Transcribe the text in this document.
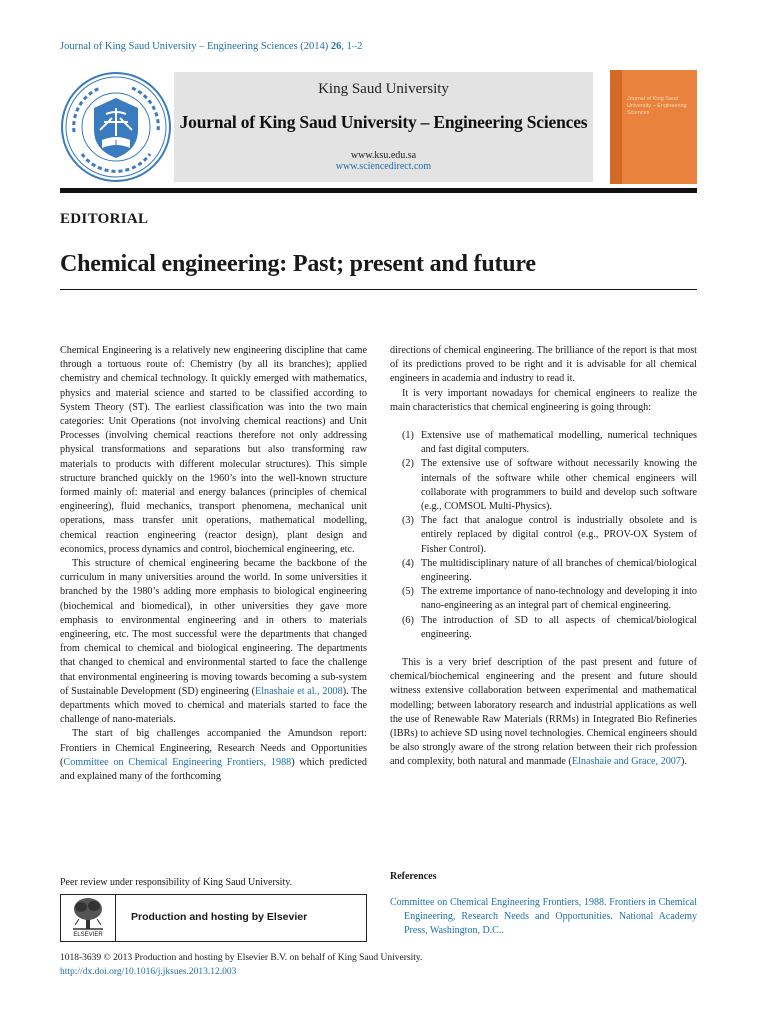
Journal of King Saud University – Engineering Sciences (2014) 26, 1–2
King Saud University
Journal of King Saud University – Engineering Sciences
www.ksu.edu.sa
www.sciencedirect.com
Journal of King Saud University – Engineering Sciences
EDITORIAL
Chemical engineering: Past; present and future

Chemical Engineering is a relatively new engineering discipline that came through a tortuous route of: Chemistry (by all its branches); applied chemistry and chemical technology. It quickly emerged with mathematics, physics and material science and started to be classified according to System Theory (ST). The earliest classification was into the two main categories: Unit Operations (not involving chemical reactions) and Unit Processes (involving chemical reactions therefore not only addressing physical transformations and separations but also transforming raw materials to products with different molecular structures). This simple structure branched quickly on the 1960’s into the well-known structure formed mainly of: material and energy balances (principles of chemical engineering), fluid mechanics, transport phenomena, mechanical unit operations, mass transfer unit operations, mathematical modelling, chemical reaction engineering (reactor design), plant design and economics, process dynamics and control, biochemical engineering, etc.

This structure of chemical engineering became the backbone of the curriculum in many universities around the world. In some universities it branched by the 1980’s adding more emphasis to biological engineering (biochemical and biomedical), in other universities they gave more emphasis to environmental engineering and in others to materials engineering, etc. The most successful were the departments that changed from chemical to chemical and biological engineering. The departments that changed to chemical and environmental started to face the challenge that environmental engineering is moving towards becoming a sub-system of Sustainable Development (SD) engineering (Elnashaie et al., 2008). The departments which moved to chemical and materials started to face the challenge of nano-materials.

The start of big challenges accompanied the Amundson report: Frontiers in Chemical Engineering, Research Needs and Opportunities (Committee on Chemical Engineering Frontiers, 1988) which predicted and explained many of the forthcoming

directions of chemical engineering. The brilliance of the report is that most of its predictions proved to be right and it is advisable for all chemical engineers in academia and industry to read it.

It is very important nowadays for chemical engineers to realize the main characteristics that chemical engineering is going through:

(1) Extensive use of mathematical modelling, numerical techniques and fast digital computers.
(2) The extensive use of software without necessarily knowing the internals of the software while other chemical engineers will collaborate with programmers to build and develop such software (e.g., COMSOL Multi-Physics).
(3) The fact that analogue control is industrially obsolete and is entirely replaced by digital control (e.g., PROV-OX System of Fisher Control).
(4) The multidisciplinary nature of all branches of chemical/biological engineering.
(5) The extreme importance of nano-technology and developing it into nano-engineering as an integral part of chemical engineering.
(6) The introduction of SD to all aspects of chemical/biological engineering.

This is a very brief description of the past present and future of chemical/biochemical engineering and the present and future should witness extensive collaboration between experimental and mathematical modelling; between laboratory research and industrial applications as well the use of Renewable Raw Materials (RRMs) in Integrated Bio Refineries (IBRs) to achieve SD using novel technologies. Chemical engineers should be also strongly aware of the strong relation between their rich profession and complexity, both natural and manmade (Elnashaie and Grace, 2007).

Peer review under responsibility of King Saud University.
ELSEVIER
Production and hosting by Elsevier
References
Committee on Chemical Engineering Frontiers, 1988. Frontiers in Chemical Engineering, Research Needs and Opportunities. National Academy Press, Washington, D.C..
1018-3639 © 2013 Production and hosting by Elsevier B.V. on behalf of King Saud University.
http://dx.doi.org/10.1016/j.jksues.2013.12.003
